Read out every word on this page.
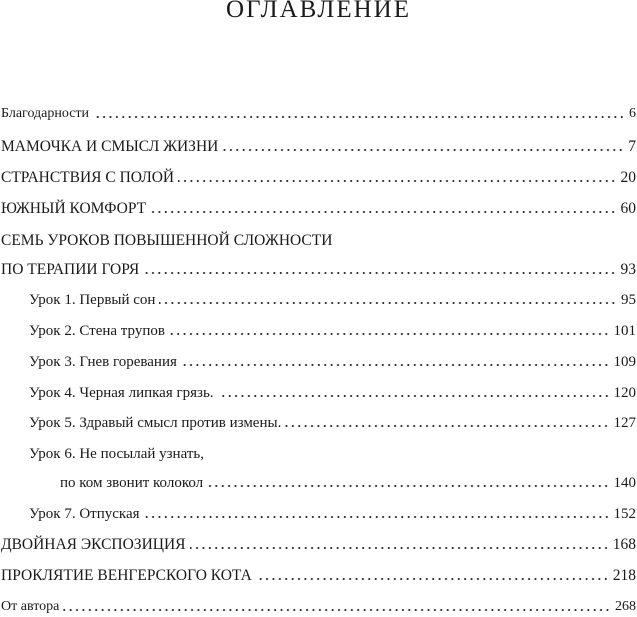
ОГЛАВЛЕНИЕ
Благодарности	6
МАМОЧКА И СМЫСЛ ЖИЗНИ	7
СТРАНСТВИЯ С ПОЛОЙ	20
ЮЖНЫЙ КОМФОРТ	60
СЕМЬ УРОКОВ ПОВЫШЕННОЙ СЛОЖНОСТИ
ПО ТЕРАПИИ ГОРЯ	93
Урок 1. Первый сон	95
Урок 2. Стена трупов	101
Урок 3. Гнев горевания	109
Урок 4. Черная липкая грязь.	120
Урок 5. Здравый смысл против измены.	127
Урок 6. Не посылай узнать,
по ком звонит колокол	140
Урок 7. Отпуская	152
ДВОЙНАЯ ЭКСПОЗИЦИЯ	168
ПРОКЛЯТИЕ ВЕНГЕРСКОГО КОТА	218
От автора	268
